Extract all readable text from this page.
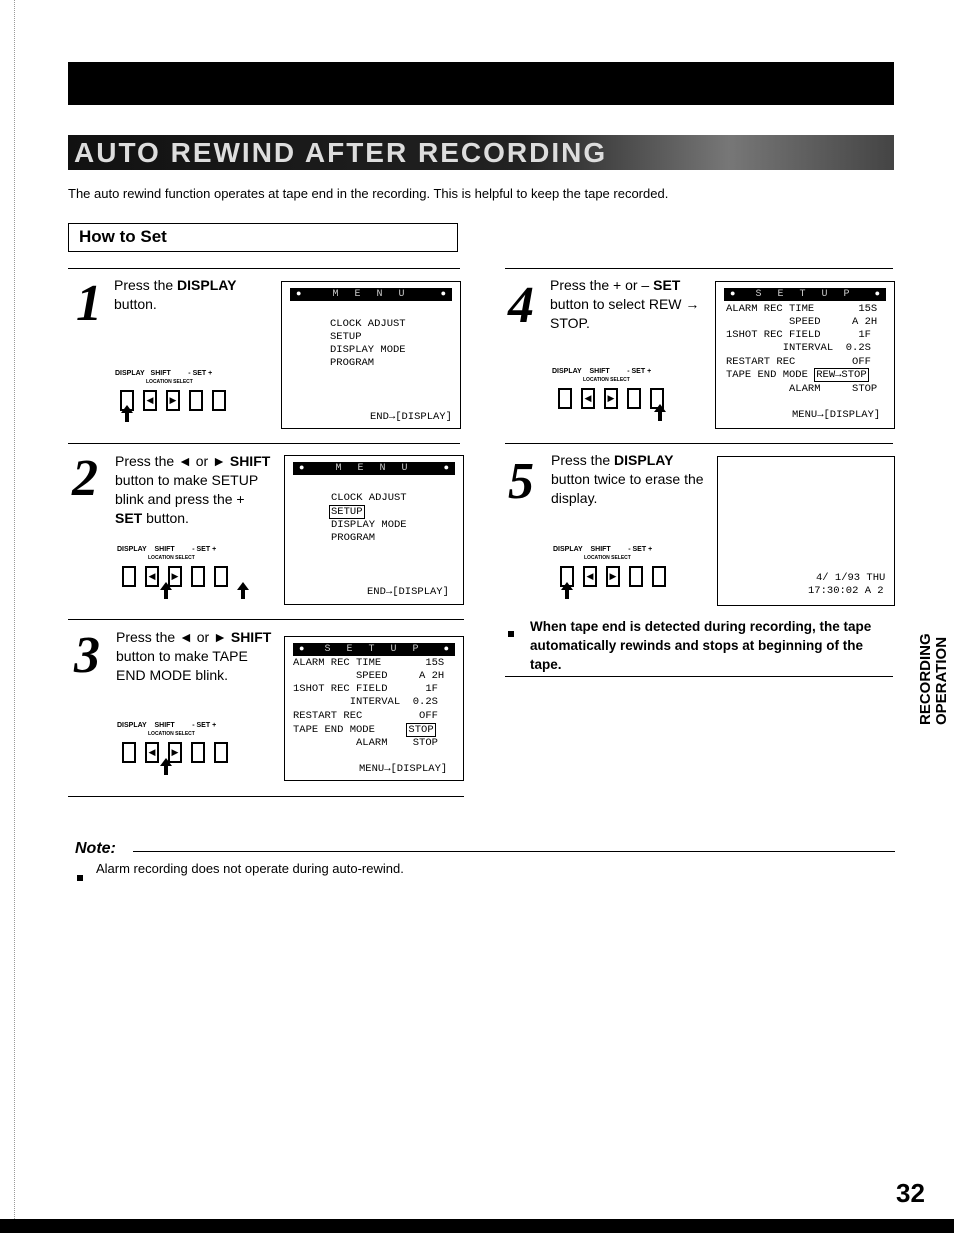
AUTO REWIND AFTER RECORDING
The auto rewind function operates at tape end in the recording. This is helpful to keep the tape recorded.
How to Set
1 Press the DISPLAY button.
DISPLAY SHIFT	- SET +
LOCATION SELECT
◀ ▶
●	M E N U	●
CLOCK ADJUST
SETUP
DISPLAY MODE
PROGRAM
END→[DISPLAY]
2 Press the ◄ or ► SHIFT button to make SETUP blink and press the + SET button.
DISPLAY SHIFT	- SET +
LOCATION SELECT
◀ ▶
●	M E N U	●
CLOCK ADJUST
SETUP
DISPLAY MODE
PROGRAM
END→[DISPLAY]
3 Press the ◄ or ► SHIFT button to make TAPE END MODE blink.
DISPLAY SHIFT	- SET +
LOCATION SELECT
◀ ▶
● S E T U P ●
ALARM REC TIME       15S
SPEED     A 2H
1SHOT REC FIELD      1F
INTERVAL  0.2S
RESTART REC         OFF
TAPE END MODE     STOP
ALARM    STOP
MENU→[DISPLAY]
4 Press the + or – SET button to select REW → STOP.
DISPLAY SHIFT	- SET +
LOCATION SELECT
◀ ▶
● S E T U P ●
ALARM REC TIME       15S
SPEED     A 2H
1SHOT REC FIELD      1F
INTERVAL  0.2S
RESTART REC         OFF
TAPE END MODE REW→STOP
ALARM     STOP
MENU→[DISPLAY]
5 Press the DISPLAY button twice to erase the display.
DISPLAY SHIFT	- SET +
LOCATION SELECT
◀ ▶	4/ 1/93 THU
17:30:02 A 2
When tape end is detected during recording, the tape automatically rewinds and stops at beginning of the tape.
Note:
Alarm recording does not operate during auto-rewind.
RECORDING OPERATION
32
